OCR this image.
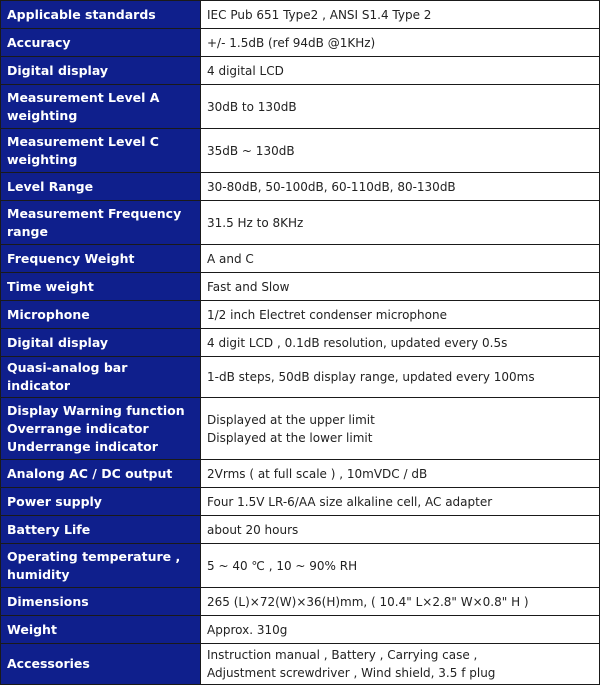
Applicable standards	IEC Pub 651 Type2 , ANSI S1.4 Type 2

Accuracy	+/- 1.5dB (ref 94dB @1KHz)

Digital display	4 digital LCD

Measurement Level A weighting	30dB to 130dB

Measurement Level C weighting	35dB ~ 130dB

Level Range	30-80dB, 50-100dB, 60-110dB, 80-130dB

Measurement Frequency range	31.5 Hz to 8KHz

Frequency Weight	A and C

Time weight	Fast and Slow

Microphone	1/2 inch Electret condenser microphone

Digital display	4 digit LCD , 0.1dB resolution, updated every 0.5s

Quasi-analog bar indicator	1-dB steps, 50dB display range, updated every 100ms

Display Warning function
Overrange indicator
Underrange indicator	Displayed at the upper limit
Displayed at the lower limit

Analong AC / DC output	2Vrms ( at full scale ) , 10mVDC / dB

Power supply	Four 1.5V LR-6/AA size alkaline cell, AC adapter

Battery Life	about 20 hours

Operating temperature , humidity	5 ~ 40 ℃ , 10 ~ 90% RH

Dimensions	265 (L)×72(W)×36(H)mm, ( 10.4" L×2.8" W×0.8" H )

Weight	Approx. 310g

Accessories	Instruction manual , Battery , Carrying case ,
Adjustment screwdriver , Wind shield, 3.5 f plug
